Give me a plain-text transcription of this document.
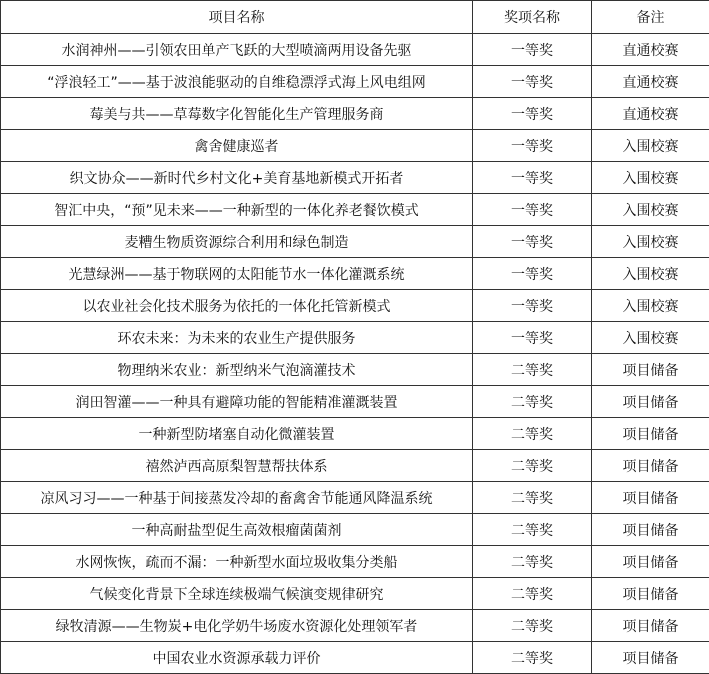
项目名称	奖项名称	备注
水润神州——引领农田单产飞跃的大型喷滴两用设备先驱	一等奖	直通校赛
“浮浪轻工”——基于波浪能驱动的自维稳漂浮式海上风电组网	一等奖	直通校赛
莓美与共——草莓数字化智能化生产管理服务商	一等奖	直通校赛
禽舍健康巡者	一等奖	入围校赛
织文协众——新时代乡村文化+美育基地新模式开拓者	一等奖	入围校赛
智汇中央，“预”见未来——一种新型的一体化养老餐饮模式	一等奖	入围校赛
麦糟生物质资源综合利用和绿色制造	一等奖	入围校赛
光慧绿洲——基于物联网的太阳能节水一体化灌溉系统	一等奖	入围校赛
以农业社会化技术服务为依托的一体化托管新模式	一等奖	入围校赛
环农未来：为未来的农业生产提供服务	一等奖	入围校赛
物理纳米农业：新型纳米气泡滴灌技术	二等奖	项目储备
润田智灌——一种具有避障功能的智能精准灌溉装置	二等奖	项目储备
一种新型防堵塞自动化微灌装置	二等奖	项目储备
禧然泸西高原梨智慧帮扶体系	二等奖	项目储备
凉风习习——一种基于间接蒸发冷却的畜禽舍节能通风降温系统	二等奖	项目储备
一种高耐盐型促生高效根瘤菌菌剂	二等奖	项目储备
水网恢恢，疏而不漏：一种新型水面垃圾收集分类船	二等奖	项目储备
气候变化背景下全球连续极端气候演变规律研究	二等奖	项目储备
绿牧清源——生物炭+电化学奶牛场废水资源化处理领军者	二等奖	项目储备
中国农业水资源承载力评价	二等奖	项目储备
